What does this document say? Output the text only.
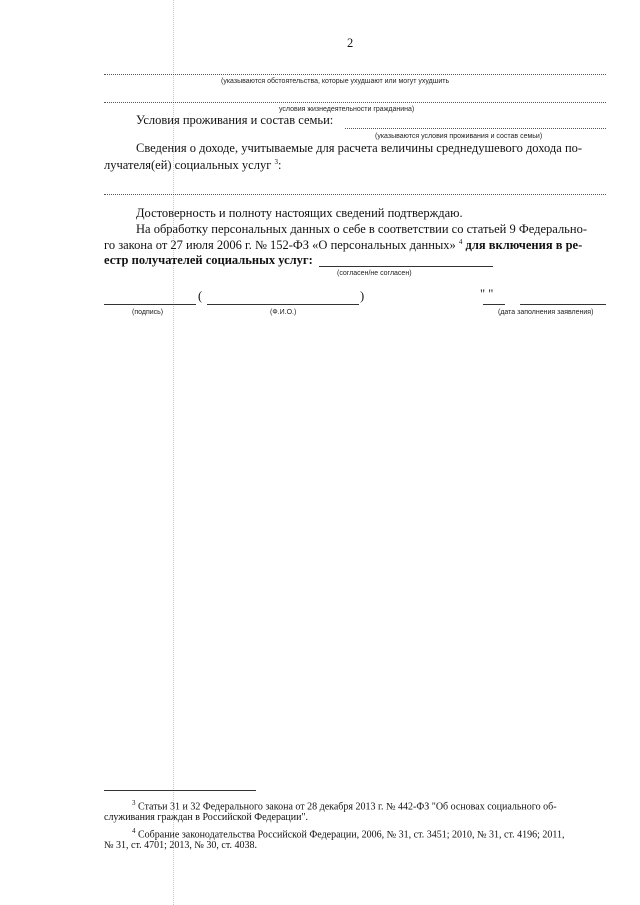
2
(указываются обстоятельства, которые ухудшают или могут ухудшить
условия жизнедеятельности гражданина)
Условия проживания и состав семьи:
(указываются условия проживания и состав семьи)
Сведения о доходе, учитываемые для расчета величины среднедушевого дохода по-
лучателя(ей) социальных услуг $^3$:
Достоверность и полноту настоящих сведений подтверждаю.
На обработку персональных данных о себе в соответствии со статьей 9 Федерально-
го закона от 27 июля 2006 г. № 152-ФЗ «О персональных данных» $^4$ для включения в ре-
естр получателей социальных услуг:
(согласен/не согласен)
(	)	" "
(подпись)	(Ф.И.О.)	(дата заполнения заявления)
$^3$ Статьи 31 и 32 Федерального закона от 28 декабря 2013 г. № 442-ФЗ "Об основах социального об-
служивания граждан в Российской Федерации".
$^4$ Собрание законодательства Российской Федерации, 2006, № 31, ст. 3451; 2010, № 31, ст. 4196; 2011,
№ 31, ст. 4701; 2013, № 30, ст. 4038.
